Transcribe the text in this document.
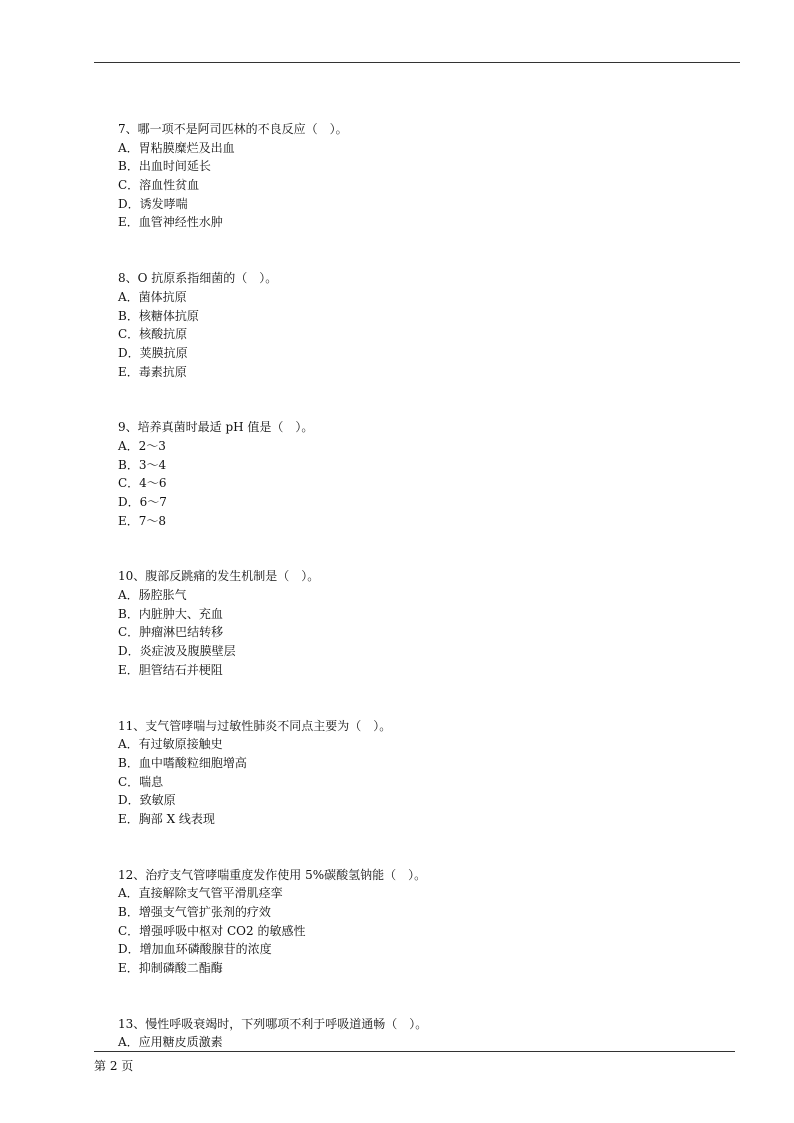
7、哪一项不是阿司匹林的不良反应（　）。
A．胃粘膜糜烂及出血
B．出血时间延长
C．溶血性贫血
D．诱发哮喘
E．血管神经性水肿
8、O 抗原系指细菌的（　）。
A．菌体抗原
B．核糖体抗原
C．核酸抗原
D．荚膜抗原
E．毒素抗原
9、培养真菌时最适 pH 值是（　）。
A．2～3
B．3～4
C．4～6
D．6～7
E．7～8
10、腹部反跳痛的发生机制是（　）。
A．肠腔胀气
B．内脏肿大、充血
C．肿瘤淋巴结转移
D．炎症波及腹膜壁层
E．胆管结石并梗阻
11、支气管哮喘与过敏性肺炎不同点主要为（　）。
A．有过敏原接触史
B．血中嗜酸粒细胞增高
C．喘息
D．致敏原
E．胸部 X 线表现
12、治疗支气管哮喘重度发作使用 5%碳酸氢钠能（　）。
A．直接解除支气管平滑肌痉挛
B．增强支气管扩张剂的疗效
C．增强呼吸中枢对 CO2 的敏感性
D．增加血环磷酸腺苷的浓度
E．抑制磷酸二酯酶
13、慢性呼吸衰竭时，下列哪项不利于呼吸道通畅（　）。
A．应用糖皮质激素
第 2 页
